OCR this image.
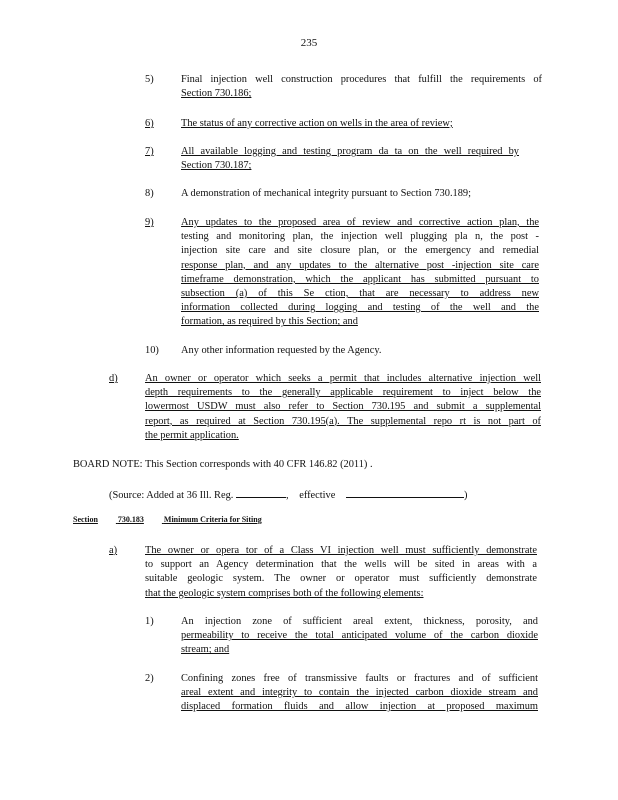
235
5)	Final injection well construction procedures that fulfill the requirements of
Section 730.186;
6)	The status of any corrective action on wells in the area of review;
7)	All available logging and testing program da ta on the well required by
Section 730.187;
8)	A demonstration of mechanical integrity pursuant to Section 730.189;
9)	Any updates to the proposed area of review and corrective action plan, the
testing and monitoring plan, the injection well plugging pla n, the post -
injection site care and site closure plan, or the emergency and remedial
response plan, and any updates to the alternative post -injection site care
timeframe demonstration, which the applicant has submitted pursuant to
subsection (a) of this Se ction, that are necessary to address new
information collected during logging and testing of the well and the
formation, as required by this Section; and
10) Any other information requested by the Agency.
d)	An owner or operator which seeks a permit that includes alternative injection well
depth requirements to the generally applicable requirement to inject below the
lowermost USDW must also refer to Section 730.195 and submit a supplemental
report, as required at Section 730.195(a). The supplemental repo rt is not part of
the permit application.
BOARD NOTE: This Section corresponds with 40 CFR 146.82 (2011) .
(Source: Added at 36 Ill. Reg.	, effective	)
Section	730.183	Minimum Criteria for Siting
a)	The owner or opera tor of a Class VI injection well must sufficiently demonstrate
to support an Agency determination that the wells will be sited in areas with a
suitable geologic system. The owner or operator must sufficiently demonstrate
that the geologic system comprises both of the following elements:
1)	An injection zone of sufficient areal extent, thickness, porosity, and
permeability to receive the total anticipated volume of the carbon dioxide
stream; and
2)	Confining zones free of transmissive faults or fractures and of sufficient
areal extent and integrity to contain the injected carbon dioxide stream and
displaced formation fluids and allow injection at proposed maximum
